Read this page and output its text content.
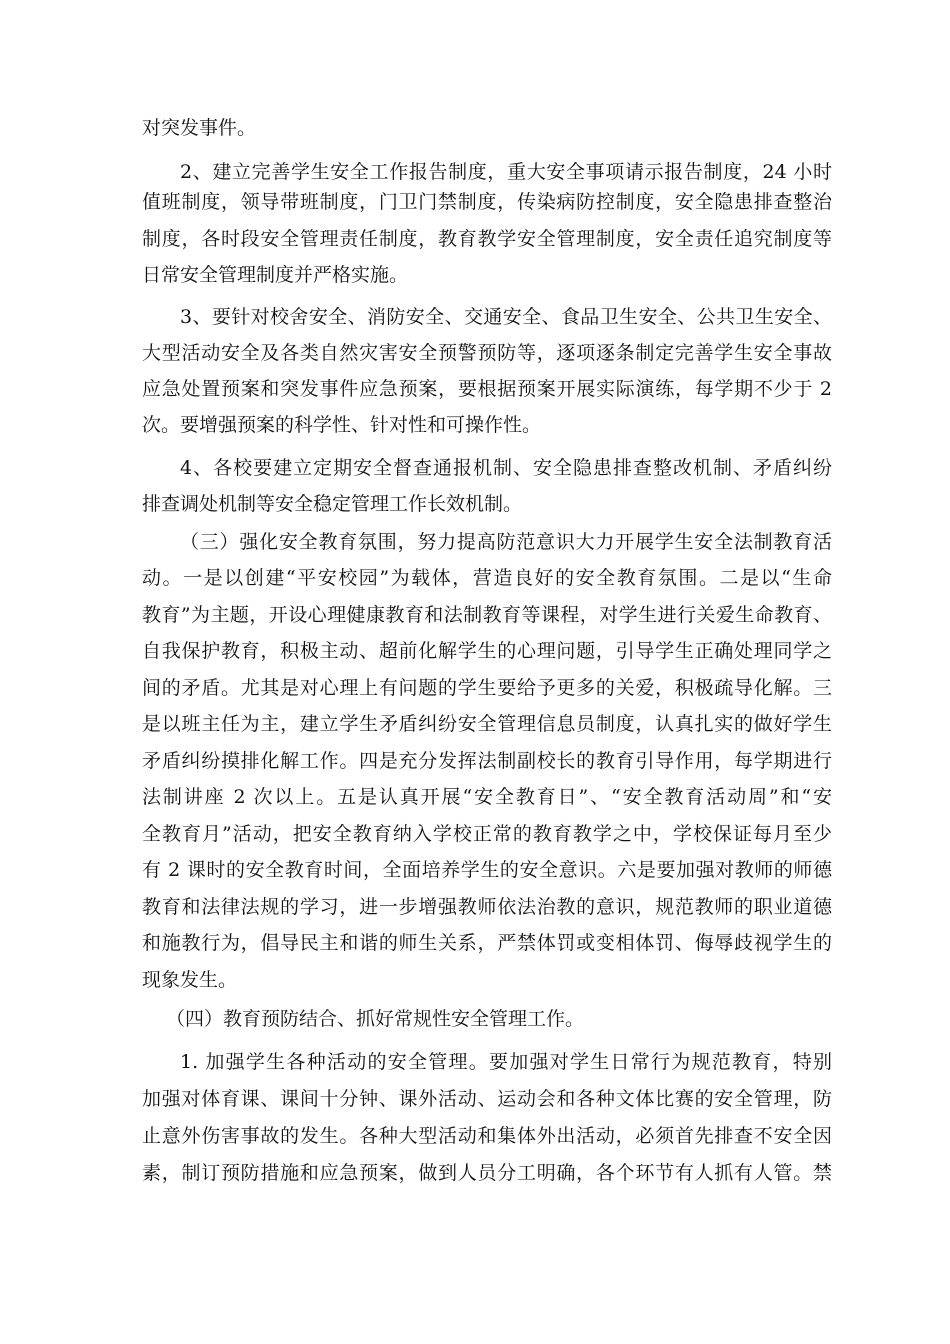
对突发事件。
2、建立完善学生安全工作报告制度，重大安全事项请示报告制度，24 小时
值班制度，领导带班制度，门卫门禁制度，传染病防控制度，安全隐患排查整治
制度，各时段安全管理责任制度，教育教学安全管理制度，安全责任追究制度等
日常安全管理制度并严格实施。
3、要针对校舍安全、消防安全、交通安全、食品卫生安全、公共卫生安全、
大型活动安全及各类自然灾害安全预警预防等，逐项逐条制定完善学生安全事故
应急处置预案和突发事件应急预案，要根据预案开展实际演练，每学期不少于 2
次。要增强预案的科学性、针对性和可操作性。
4、各校要建立定期安全督查通报机制、安全隐患排查整改机制、矛盾纠纷
排查调处机制等安全稳定管理工作长效机制。
（三）强化安全教育氛围，努力提高防范意识大力开展学生安全法制教育活
动。一是以创建“平安校园”为载体，营造良好的安全教育氛围。二是以“生命
教育”为主题，开设心理健康教育和法制教育等课程，对学生进行关爱生命教育、
自我保护教育，积极主动、超前化解学生的心理问题，引导学生正确处理同学之
间的矛盾。尤其是对心理上有问题的学生要给予更多的关爱，积极疏导化解。三
是以班主任为主，建立学生矛盾纠纷安全管理信息员制度，认真扎实的做好学生
矛盾纠纷摸排化解工作。四是充分发挥法制副校长的教育引导作用，每学期进行
法制讲座 2 次以上。五是认真开展“安全教育日”、“安全教育活动周”和“安
全教育月”活动，把安全教育纳入学校正常的教育教学之中，学校保证每月至少
有 2 课时的安全教育时间，全面培养学生的安全意识。六是要加强对教师的师德
教育和法律法规的学习，进一步增强教师依法治教的意识，规范教师的职业道德
和施教行为，倡导民主和谐的师生关系，严禁体罚或变相体罚、侮辱歧视学生的
现象发生。
（四）教育预防结合、抓好常规性安全管理工作。
1. 加强学生各种活动的安全管理。要加强对学生日常行为规范教育，特别
加强对体育课、课间十分钟、课外活动、运动会和各种文体比赛的安全管理，防
止意外伤害事故的发生。各种大型活动和集体外出活动，必须首先排查不安全因
素，制订预防措施和应急预案，做到人员分工明确，各个环节有人抓有人管。禁
